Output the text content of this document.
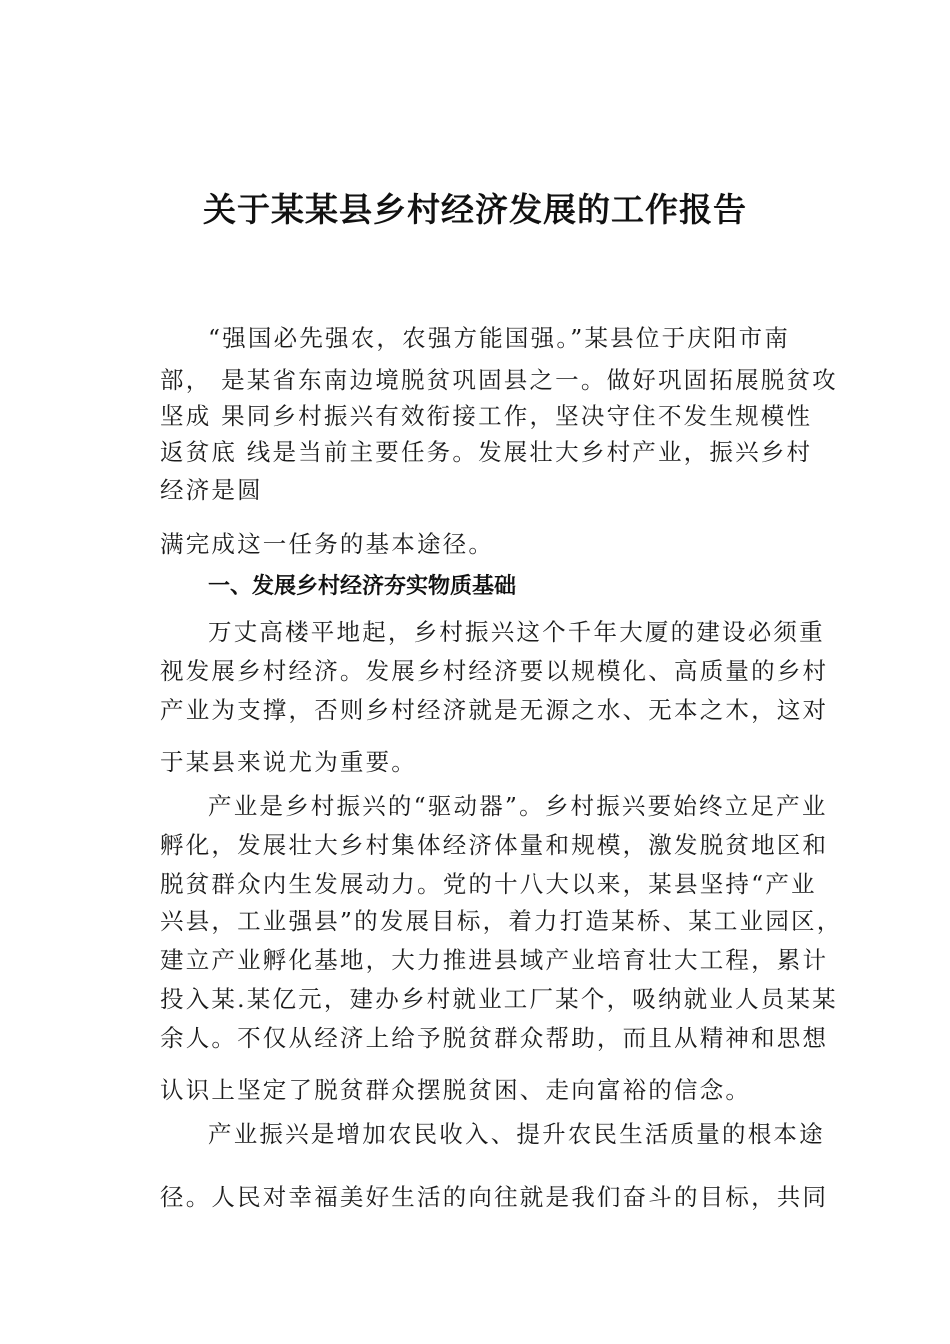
关于某某县乡村经济发展的工作报告
“强国必先强农，农强方能国强。”某县位于庆阳市南
部， 是某省东南边境脱贫巩固县之一。做好巩固拓展脱贫攻
坚成 果同乡村振兴有效衔接工作，坚决守住不发生规模性
返贫底 线是当前主要任务。发展壮大乡村产业，振兴乡村
经济是圆
满完成这一任务的基本途径。
一、发展乡村经济夯实物质基础
万丈高楼平地起，乡村振兴这个千年大厦的建设必须重
视发展乡村经济。发展乡村经济要以规模化、高质量的乡村
产业为支撑，否则乡村经济就是无源之水、无本之木，这对
于某县来说尤为重要。
产业是乡村振兴的“驱动器”。乡村振兴要始终立足产业
孵化，发展壮大乡村集体经济体量和规模，激发脱贫地区和
脱贫群众内生发展动力。党的十八大以来，某县坚持“产业
兴县，工业强县”的发展目标，着力打造某桥、某工业园区，
建立产业孵化基地，大力推进县域产业培育壮大工程，累计
投入某.某亿元，建办乡村就业工厂某个，吸纳就业人员某某
余人。不仅从经济上给予脱贫群众帮助，而且从精神和思想
认识上坚定了脱贫群众摆脱贫困、走向富裕的信念。
产业振兴是增加农民收入、提升农民生活质量的根本途
径。人民对幸福美好生活的向往就是我们奋斗的目标，共同
